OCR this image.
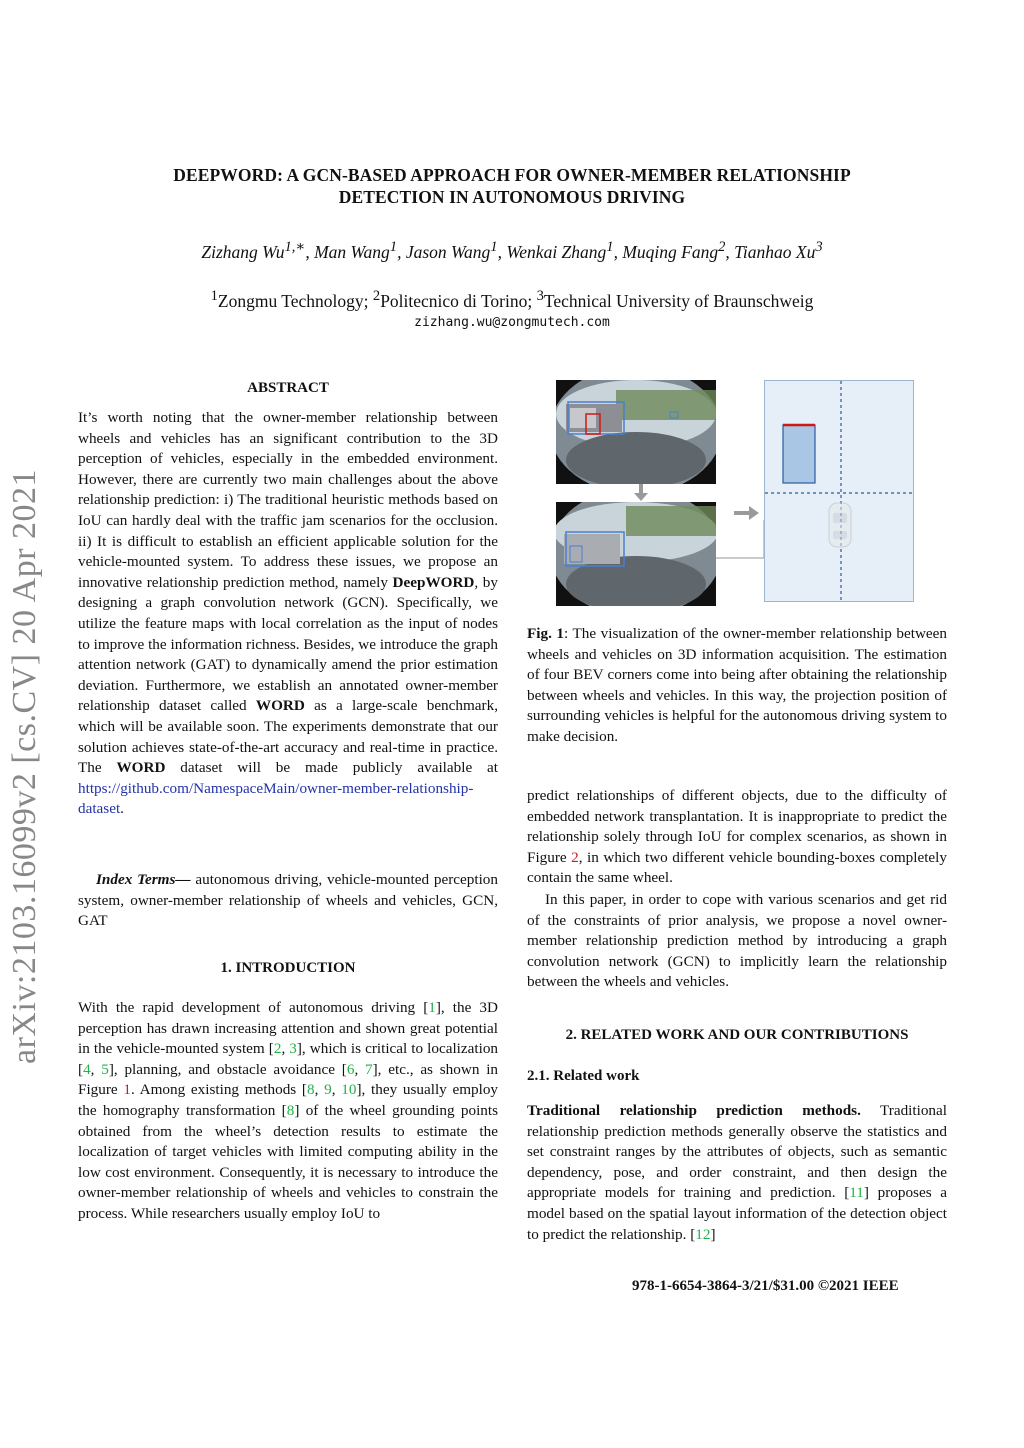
arXiv:2103.16099v2 [cs.CV] 20 Apr 2021
DEEPWORD: A GCN-BASED APPROACH FOR OWNER-MEMBER RELATIONSHIP
DETECTION IN AUTONOMOUS DRIVING
Zizhang $Wu^{1,∗}$, Man Wang$^1$, Jason Wang$^1$, Wenkai Zhang$^1$, Muqing Fang$^2$, Tianhao Xu$^3$
$^1$Zongmu Technology; $^2$Politecnico di Torino; $^3$Technical University of Braunschweig
zizhang.wu@zongmutech.com
ABSTRACT
It’s worth noting that the owner-member relationship between wheels and vehicles has an significant contribution to the 3D perception of vehicles, especially in the embedded environment. However, there are currently two main challenges about the above relationship prediction: i) The traditional heuristic methods based on IoU can hardly deal with the traffic jam scenarios for the occlusion. ii) It is difficult to establish an efficient applicable solution for the vehicle-mounted system. To address these issues, we propose an innovative relationship prediction method, namely DeepWORD, by designing a graph convolution network (GCN). Specifically, we utilize the feature maps with local correlation as the input of nodes to improve the information richness. Besides, we introduce the graph attention network (GAT) to dynamically amend the prior estimation deviation. Furthermore, we establish an annotated owner-member relationship dataset called WORD as a large-scale benchmark, which will be available soon. The experiments demonstrate that our solution achieves state-of-the-art accuracy and real-time in practice. The WORD dataset will be made publicly available at https://github.com/NamespaceMain/owner-member-relationship-dataset.
Index Terms— autonomous driving, vehicle-mounted perception system, owner-member relationship of wheels and vehicles, GCN, GAT
1. INTRODUCTION
With the rapid development of autonomous driving [1], the 3D perception has drawn increasing attention and shown great potential in the vehicle-mounted system [2, 3], which is critical to localization [4, 5], planning, and obstacle avoidance [6, 7], etc., as shown in Figure 1. Among existing methods [8, 9, 10], they usually employ the homography transformation [8] of the wheel grounding points obtained from the wheel’s detection results to estimate the localization of target vehicles with limited computing ability in the low cost environment. Consequently, it is necessary to introduce the owner-member relationship of wheels and vehicles to constrain the process. While researchers usually employ IoU to
Fig. 1: The visualization of the owner-member relationship between wheels and vehicles on 3D information acquisition. The estimation of four BEV corners come into being after obtaining the relationship between wheels and vehicles. In this way, the projection position of surrounding vehicles is helpful for the autonomous driving system to make decision.
predict relationships of different objects, due to the difficulty of embedded network transplantation. It is inappropriate to predict the relationship solely through IoU for complex scenarios, as shown in Figure 2, in which two different vehicle bounding-boxes completely contain the same wheel.
In this paper, in order to cope with various scenarios and get rid of the constraints of prior analysis, we propose a novel owner-member relationship prediction method by introducing a graph convolution network (GCN) to implicitly learn the relationship between the wheels and vehicles.
2. RELATED WORK AND OUR CONTRIBUTIONS
2.1. Related work
Traditional relationship prediction methods. Traditional relationship prediction methods generally observe the statistics and set constraint ranges by the attributes of objects, such as semantic dependency, pose, and order constraint, and then design the appropriate models for training and prediction. [11] proposes a model based on the spatial layout information of the detection object to predict the relationship. [12]
978-1-6654-3864-3/21/$31.00 ©2021 IEEE
